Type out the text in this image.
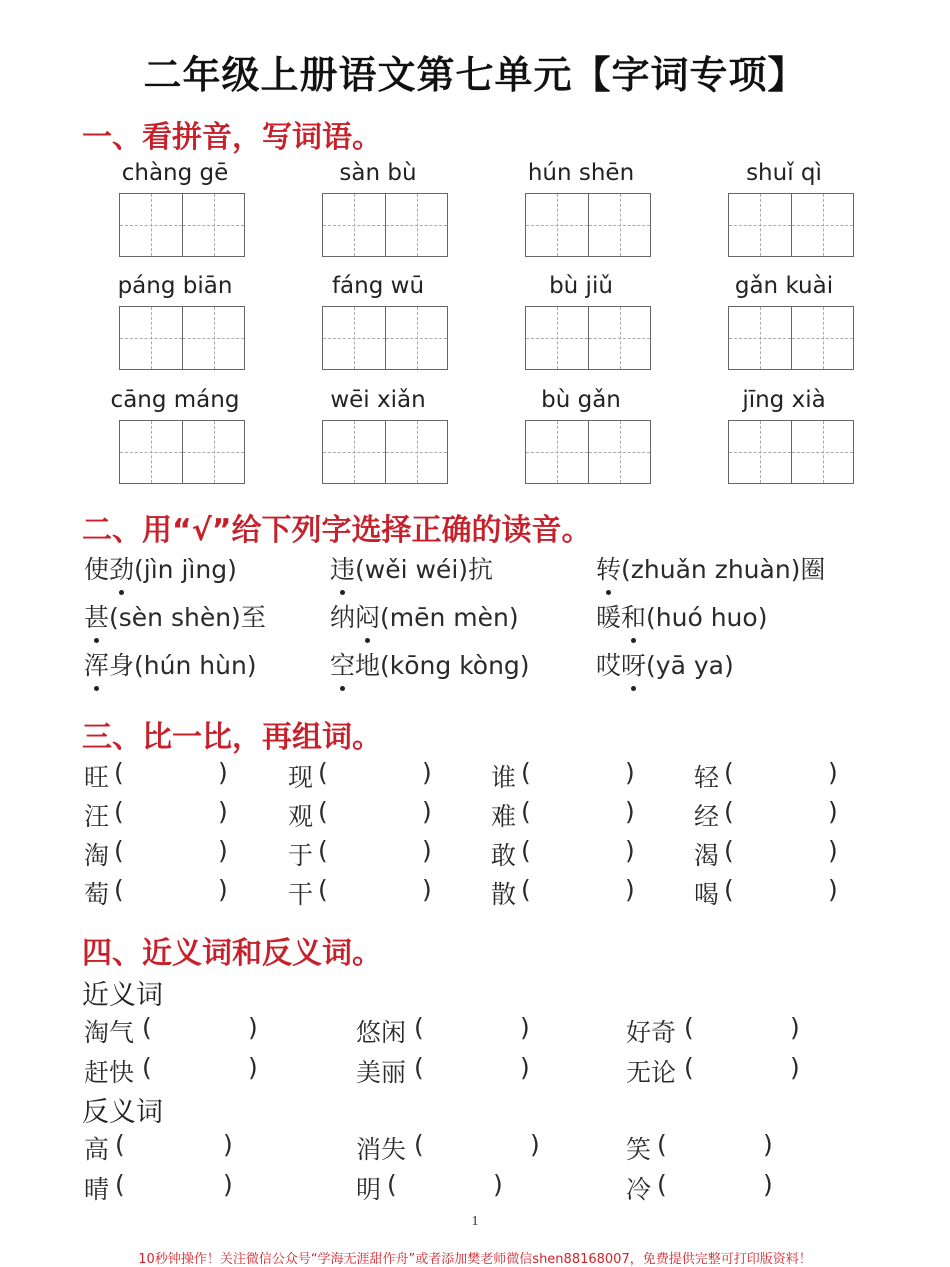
二年级上册语文第七单元【字词专项】
一、看拼音，写词语。
chàng gē	sàn bù	hún shēn	shuǐ qì
páng biān	fáng wū	bù jiǔ	gǎn kuài
cāng máng	wēi xiǎn	bù gǎn	jīng xià
二、用“√”给下列字选择正确的读音。
使劲(jìn jìng)	违(wěi wéi)抗	转(zhuǎn zhuàn)圈
甚(sèn shèn)至	纳闷(mēn mèn)	暖和(huó huo)
浑身(hún hùn)	空地(kōng kòng)	哎呀(yā ya)
三、比一比，再组词。
旺 (	) 现 (	) 谁 (	) 轻 (	)
汪 (	) 观 (	) 难 (	) 经 (	)
淘 (	) 于 (	) 敢 (	) 渴 (	)
萄 (	) 干 (	) 散 (	) 喝 (	)
四、近义词和反义词。
近义词
反义词
淘气 (	)	悠闲 (	)	好奇 (	)
赶快 (	)	美丽 (	)	无论 (	)
高 (	)	消失 (	)	笑 (	)
晴 (	)	明 (	)	冷 (	)
1
10秒钟操作！关注微信公众号“学海无涯甜作舟”或者添加樊老师微信shen88168007，免费提供完整可打印版资料！
